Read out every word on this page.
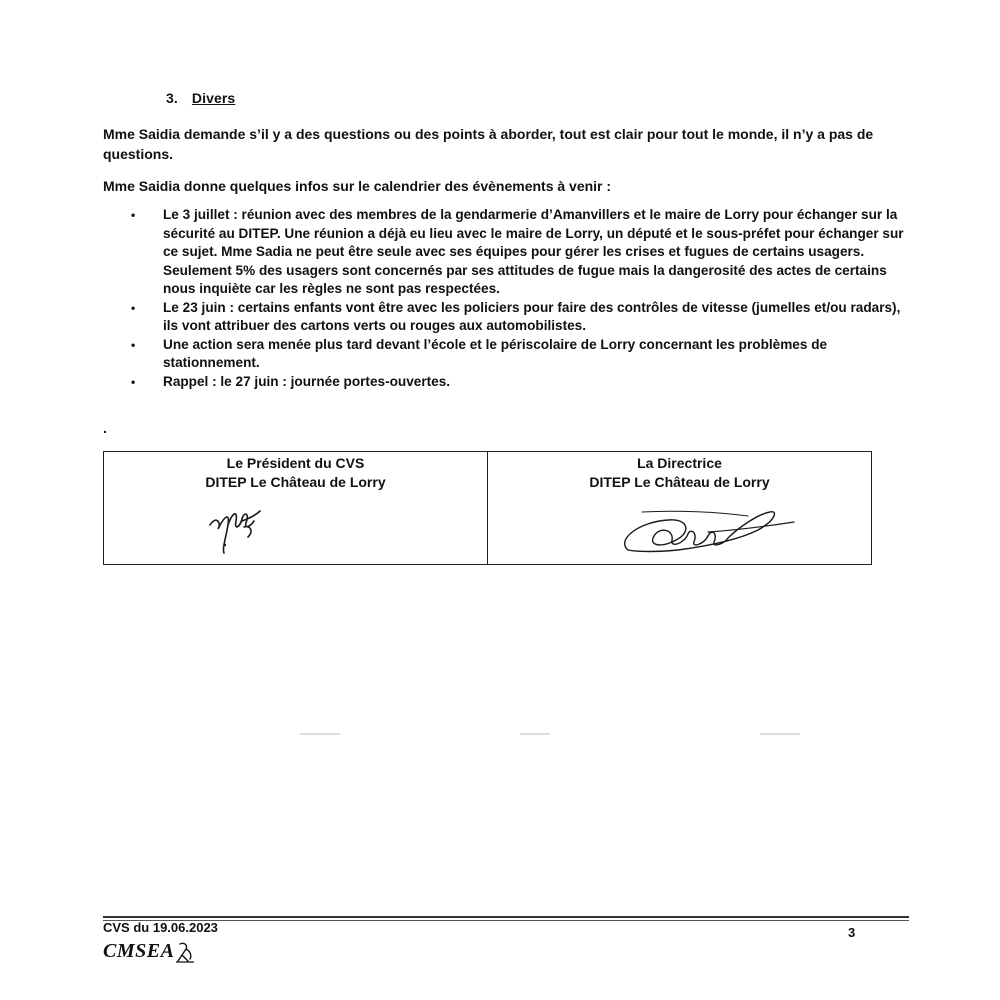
3. Divers
Mme Saidia demande s’il y a des questions ou des points à aborder, tout est clair pour tout le monde, il n’y a pas de questions.
Mme Saidia donne quelques infos sur le calendrier des évènements à venir :
• Le 3 juillet : réunion avec des membres de la gendarmerie d’Amanvillers et le maire de Lorry pour échanger sur la sécurité au DITEP. Une réunion a déjà eu lieu avec le maire de Lorry, un député et le sous-préfet pour échanger sur ce sujet. Mme Sadia ne peut être seule avec ses équipes pour gérer les crises et fugues de certains usagers. Seulement 5% des usagers sont concernés par ses attitudes de fugue mais la dangerosité des actes de certains nous inquiète car les règles ne sont pas respectées.
• Le 23 juin : certains enfants vont être avec les policiers pour faire des contrôles de vitesse (jumelles et/ou radars), ils vont attribuer des cartons verts ou rouges aux automobilistes.
• Une action sera menée plus tard devant l’école et le périscolaire de Lorry concernant les problèmes de stationnement.
• Rappel : le 27 juin : journée portes-ouvertes.
.
Le Président du CVS
DITEP Le Château de Lorry
La Directrice
DITEP Le Château de Lorry
CVS du 19.06.2023	3
CMSEA
